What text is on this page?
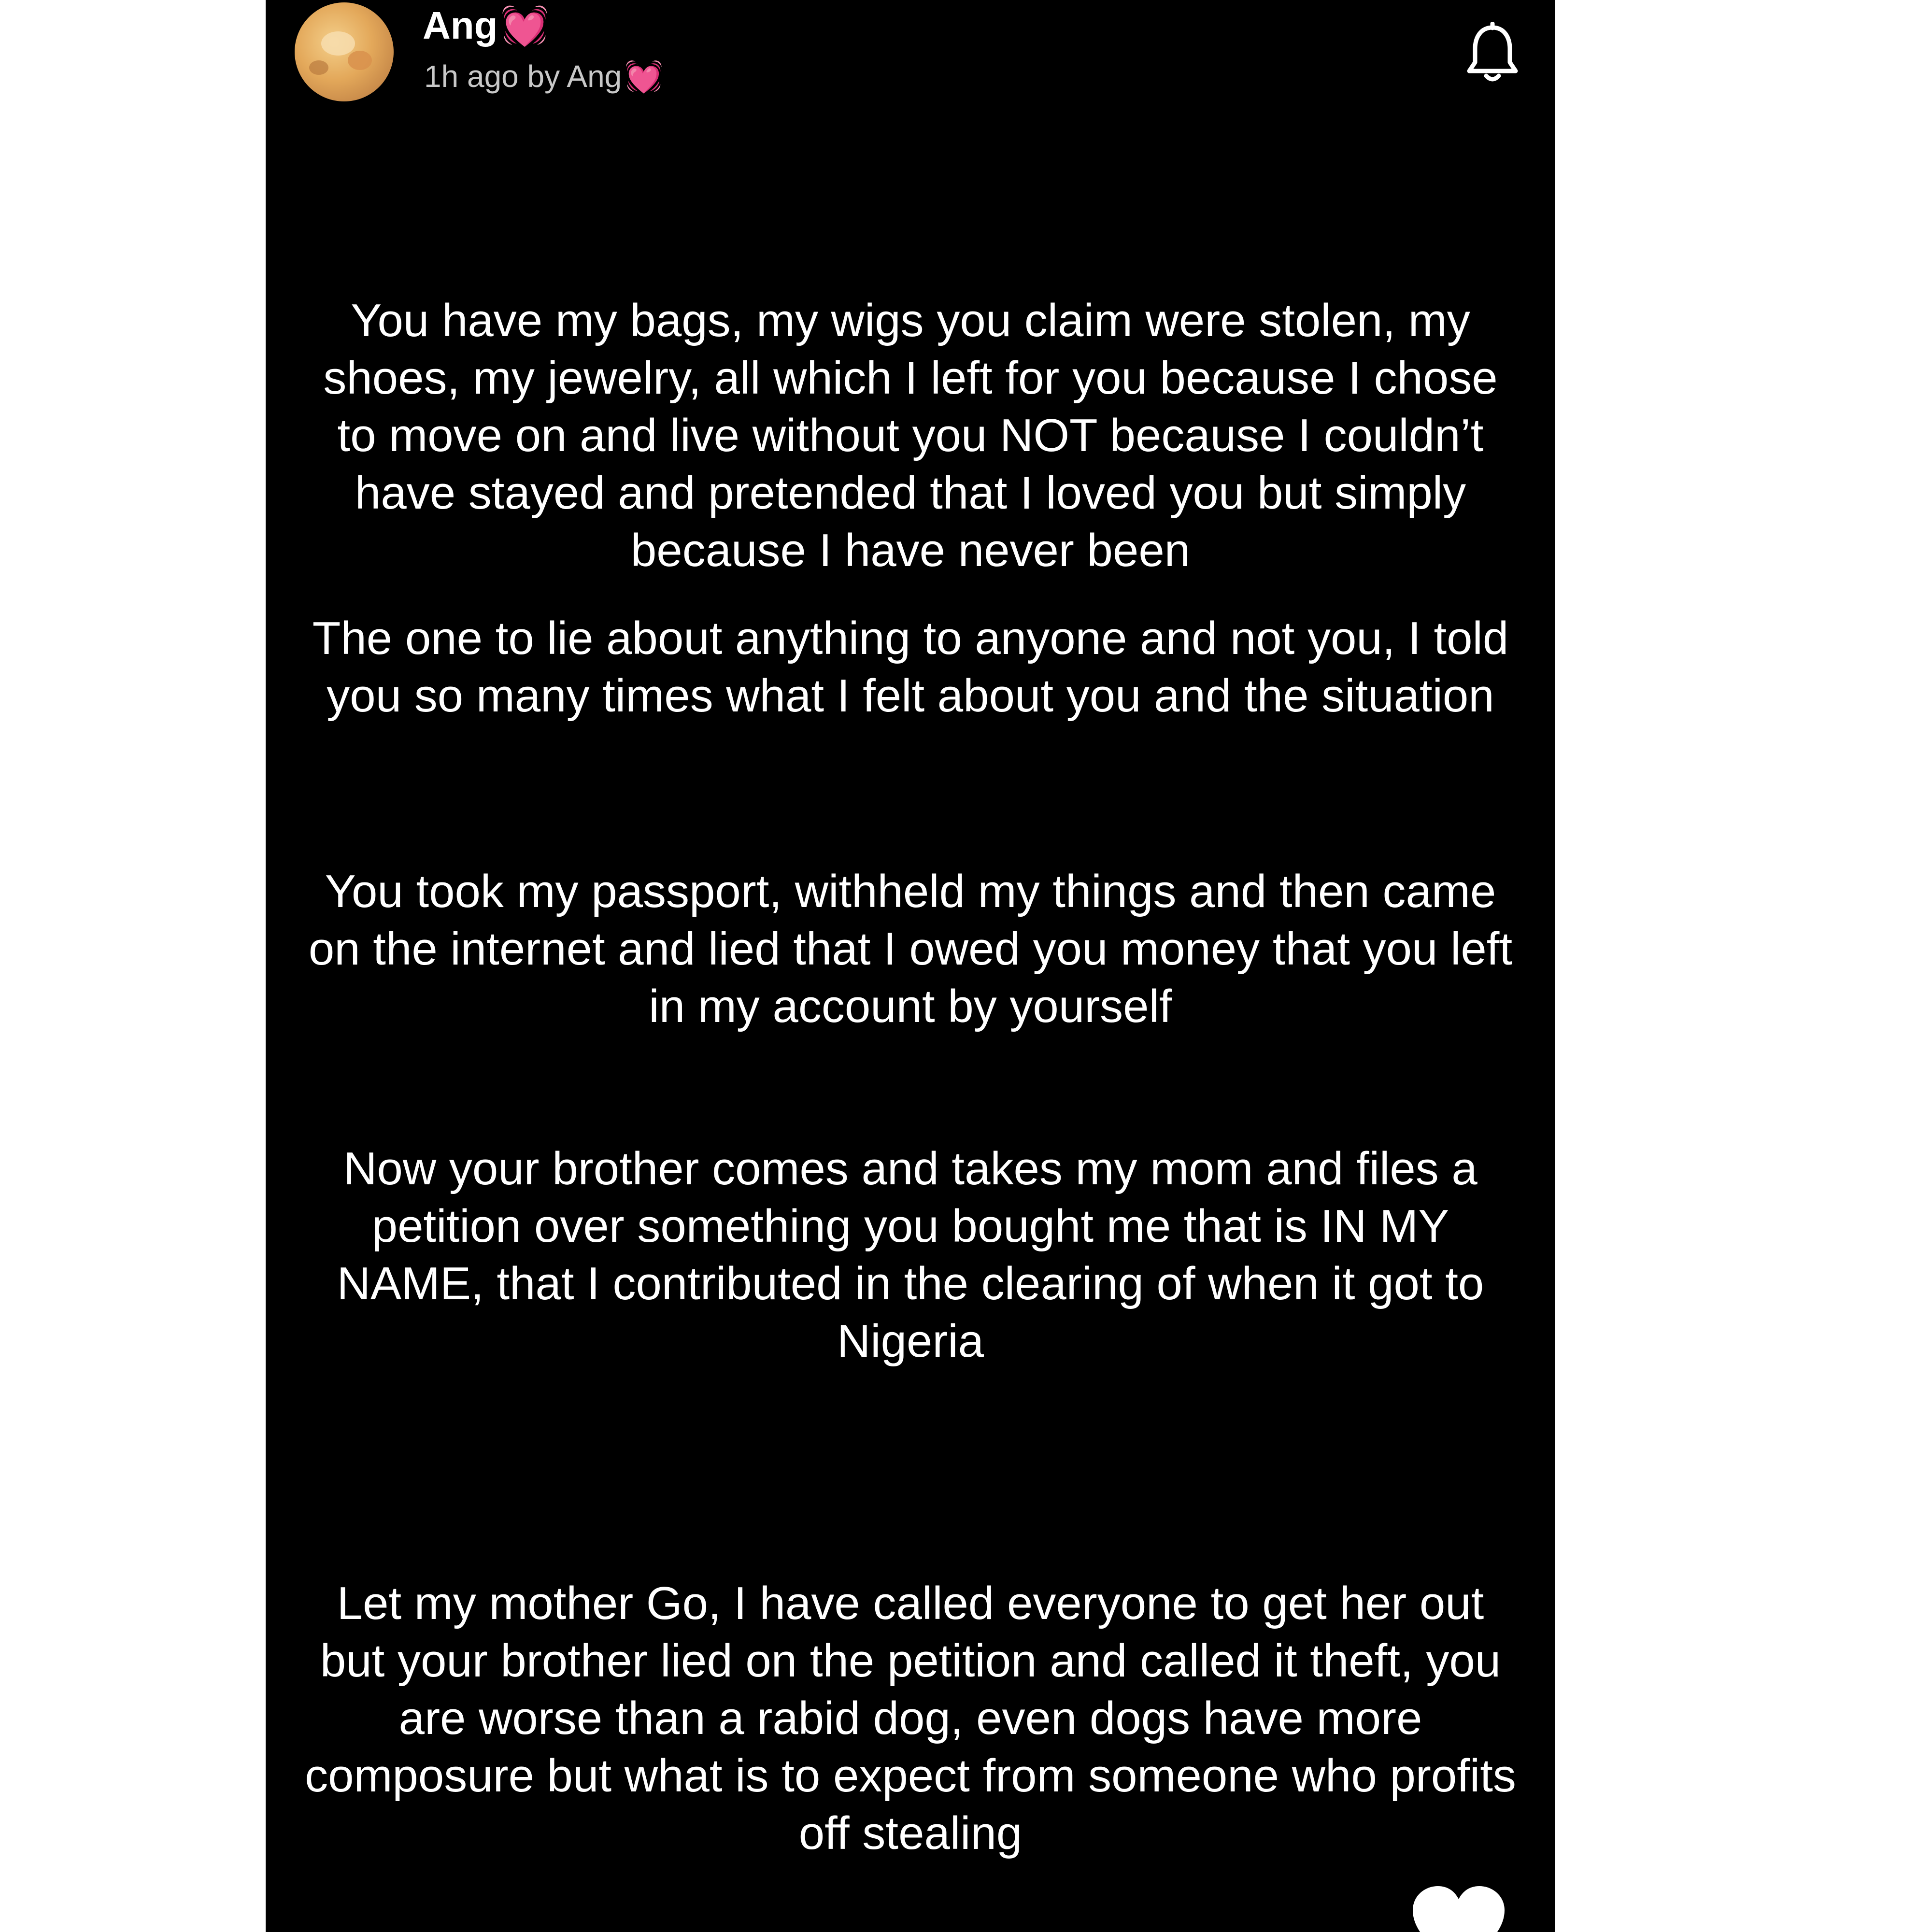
Ang 💓
1h ago by Ang 💓
You have my bags, my wigs you claim were stolen, my shoes, my jewelry, all which I left for you because I chose to move on and live without you NOT because I couldn’t have stayed and pretended that I loved you but simply because I have never been
The one to lie about anything to anyone and not you, I told you so many times what I felt about you and the situation
You took my passport, withheld my things and then came on the internet and lied that I owed you money that you left in my account by yourself
Now your brother comes and takes my mom and files a petition over something you bought me that is IN MY NAME, that I contributed in the clearing of when it got to Nigeria
Let my mother Go, I have called everyone to get her out but your brother lied on the petition and called it theft, you are worse than a rabid dog, even dogs have more composure but what is to expect from someone who profits off stealing
